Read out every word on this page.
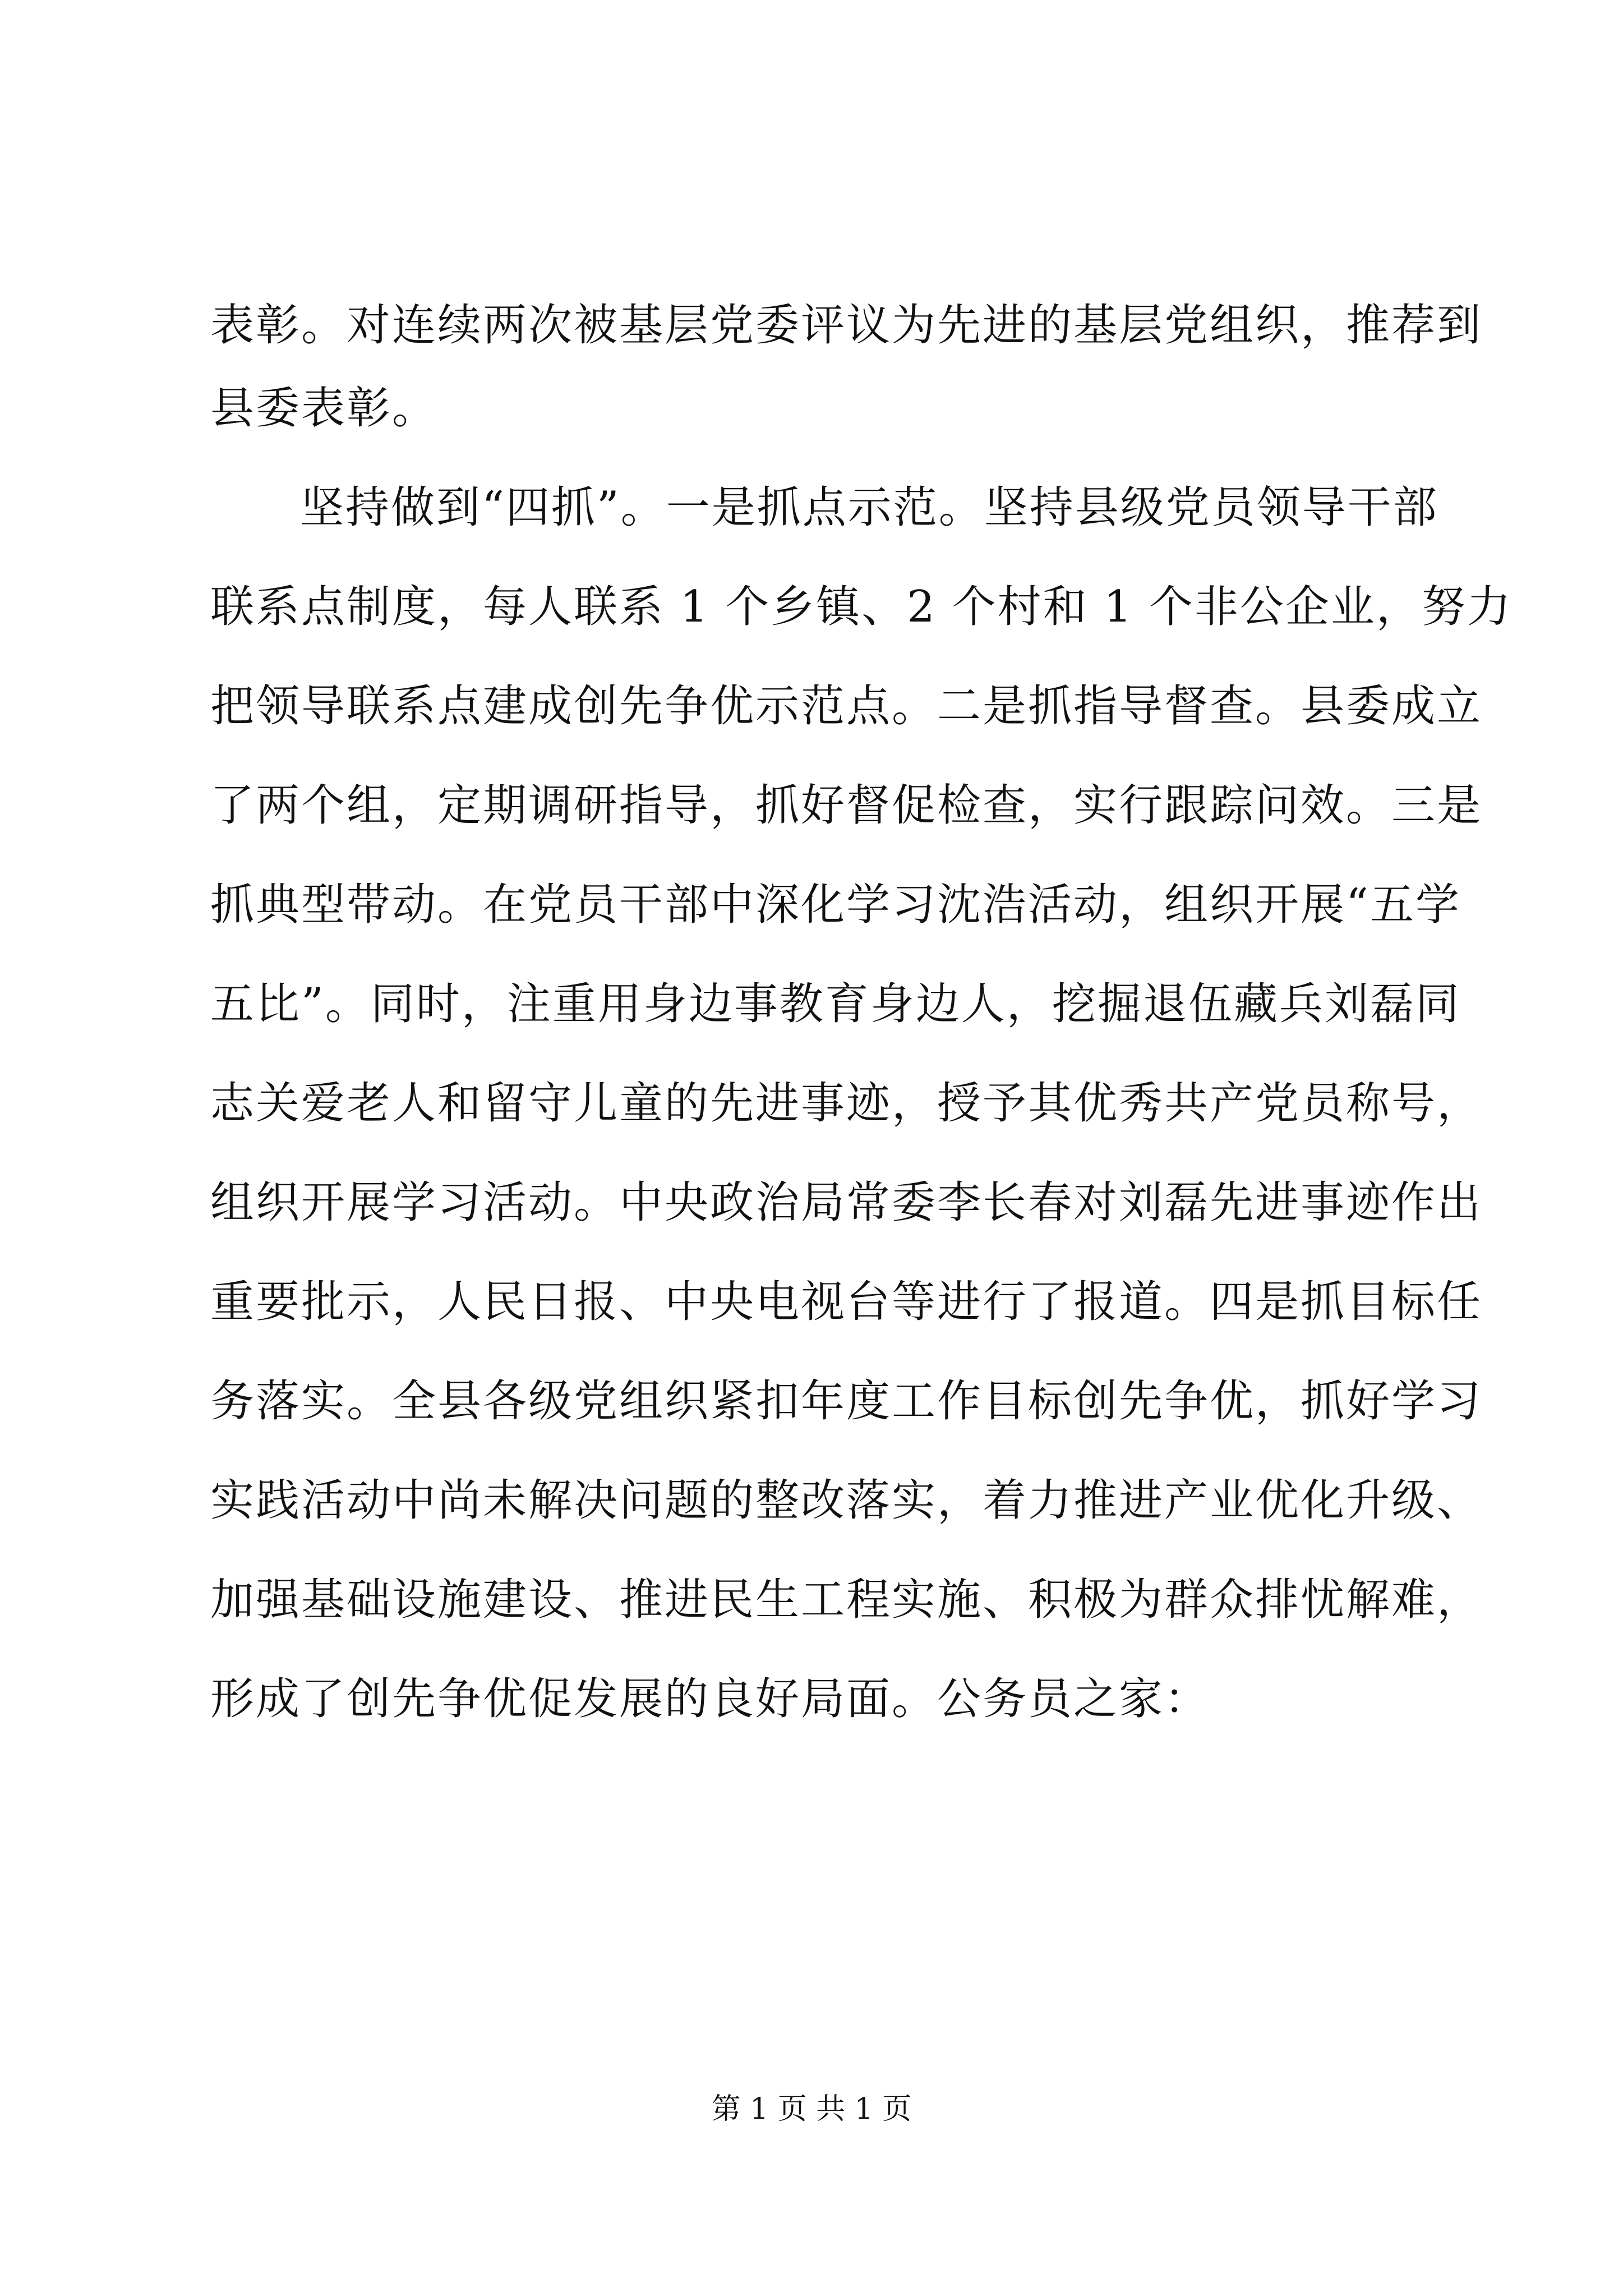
表彰。对连续两次被基层党委评议为先进的基层党组织，推荐到
县委表彰。
坚持做到“四抓”。一是抓点示范。坚持县级党员领导干部
联系点制度，每人联系 1 个乡镇、2 个村和 1 个非公企业，努力
把领导联系点建成创先争优示范点。二是抓指导督查。县委成立
了两个组，定期调研指导，抓好督促检查，实行跟踪问效。三是
抓典型带动。在党员干部中深化学习沈浩活动，组织开展“五学
五比”。同时，注重用身边事教育身边人，挖掘退伍藏兵刘磊同
志关爱老人和留守儿童的先进事迹，授予其优秀共产党员称号，
组织开展学习活动。中央政治局常委李长春对刘磊先进事迹作出
重要批示，人民日报、中央电视台等进行了报道。四是抓目标任
务落实。全县各级党组织紧扣年度工作目标创先争优，抓好学习
实践活动中尚未解决问题的整改落实，着力推进产业优化升级、
加强基础设施建设、推进民生工程实施、积极为群众排忧解难，
形成了创先争优促发展的良好局面。公务员之家：
第 1 页 共 1 页
